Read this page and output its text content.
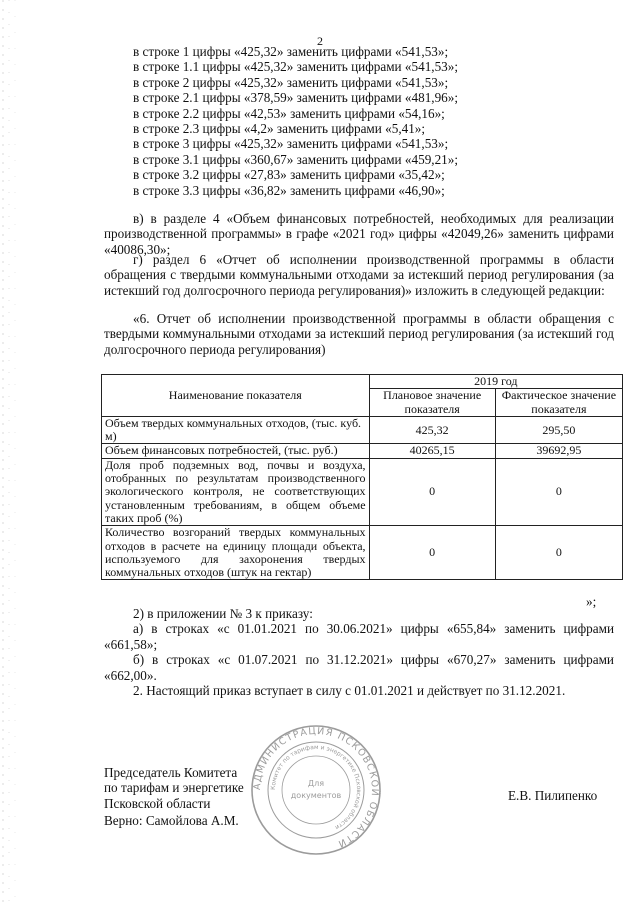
2
в строке 1 цифры «425,32» заменить цифрами «541,53»;
в строке 1.1 цифры «425,32» заменить цифрами «541,53»;
в строке 2 цифры «425,32» заменить цифрами «541,53»;
в строке 2.1 цифры «378,59» заменить цифрами «481,96»;
в строке 2.2 цифры «42,53» заменить цифрами «54,16»;
в строке 2.3 цифры «4,2» заменить цифрами «5,41»;
в строке 3 цифры «425,32» заменить цифрами «541,53»;
в строке 3.1 цифры «360,67» заменить цифрами «459,21»;
в строке 3.2 цифры «27,83» заменить цифрами «35,42»;
в строке 3.3 цифры «36,82» заменить цифрами «46,90»;
в) в разделе 4 «Объем финансовых потребностей, необходимых для реализации производственной программы» в графе «2021 год» цифры «42049,26» заменить цифрами «40086,30»;
г) раздел 6 «Отчет об исполнении производственной программы в области обращения с твердыми коммунальными отходами за истекший период регулирования (за истекший год долгосрочного периода регулирования)» изложить в следующей редакции:
«6. Отчет об исполнении производственной программы в области обращения с твердыми коммунальными отходами за истекший период регулирования (за истекший год долгосрочного периода регулирования)
Наименование показателя	2019 год	
	Плановое значение показателя	Фактическое значение показателя
Объем твердых коммунальных отходов, (тыс. куб. м)	425,32	295,50
Объем финансовых потребностей, (тыс. руб.)	40265,15	39692,95
Доля проб подземных вод, почвы и воздуха, отобранных по результатам производственного экологического контроля, не соответствующих установленным требованиям, в общем объеме таких проб (%)	0	0
Количество возгораний твердых коммунальных отходов в расчете на единицу площади объекта, используемого для захоронения твердых коммунальных отходов (штук на гектар)	0	0
»;
2) в приложении № 3 к приказу:
а) в строках «с 01.01.2021 по 30.06.2021» цифры «655,84» заменить цифрами «661,58»;
б) в строках «с 01.07.2021 по 31.12.2021» цифры «670,27» заменить цифрами «662,00».
2. Настоящий приказ вступает в силу с 01.01.2021 и действует по 31.12.2021.
Председатель Комитета
по тарифам и энергетике
Псковской области
Е.В. Пилипенко
Верно: Самойлова А.М.
АДМИНИСТРАЦИЯ ПСКОВСКОЙ ОБЛАСТИ
Комитет по тарифам и энергетике Псковской области
Для
документов
